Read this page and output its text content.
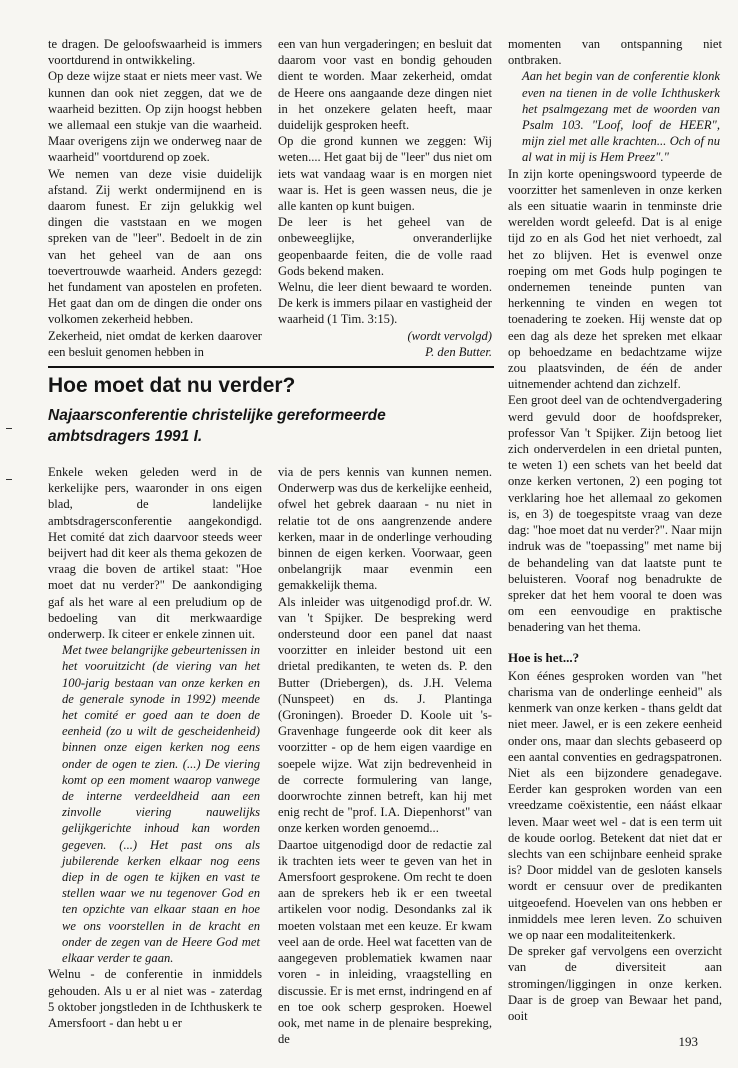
te dragen. De geloofswaarheid is immers voortdurend in ontwikkeling.

Op deze wijze staat er niets meer vast. We kunnen dan ook niet zeggen, dat we de waarheid bezitten. Op zijn hoogst hebben we allemaal een stukje van die waarheid. Maar overigens zijn we onderweg naar de waarheid" voortdurend op zoek.

We nemen van deze visie duidelijk afstand. Zij werkt ondermijnend en is daarom funest. Er zijn gelukkig wel dingen die vaststaan en we mogen spreken van de "leer". Bedoelt in de zin van het geheel van de aan ons toevertrouwde waarheid. Anders gezegd: het fundament van apostelen en profeten. Het gaat dan om de dingen die onder ons volkomen zekerheid hebben.

Zekerheid, niet omdat de kerken daarover een besluit genomen hebben in

een van hun vergaderingen; en besluit dat daarom voor vast en bondig gehouden dient te worden. Maar zekerheid, omdat de Heere ons aangaande deze dingen niet in het onzekere gelaten heeft, maar duidelijk gesproken heeft.

Op die grond kunnen we zeggen: Wij weten.... Het gaat bij de "leer" dus niet om iets wat vandaag waar is en morgen niet waar is. Het is geen wassen neus, die je alle kanten op kunt buigen.

De leer is het geheel van de onbeweeglijke, onveranderlijke geopenbaarde feiten, die de volle raad Gods bekend maken.

Welnu, die leer dient bewaard te worden. De kerk is immers pilaar en vastigheid der waarheid (1 Tim. 3:15).

(wordt vervolgd)

P. den Butter.

momenten van ontspanning niet ontbraken.

Aan het begin van de conferentie klonk even na tienen in de volle Ichthuskerk het psalmgezang met de woorden van Psalm 103. "Loof, loof de HEER", mijn ziel met alle krachten... Och of nu al wat in mij is Hem Preez"."

In zijn korte openingswoord typeerde de voorzitter het samenleven in onze kerken als een situatie waarin in tenminste drie werelden wordt geleefd. Dat is al enige tijd zo en als God het niet verhoedt, zal het zo blijven. Het is evenwel onze roeping om met Gods hulp pogingen te ondernemen teneinde punten van herkenning te vinden en wegen tot toenadering te zoeken. Hij wenste dat op een dag als deze het spreken met elkaar op behoedzame en bedachtzame wijze zou plaatsvinden, de één de ander uitnemender achtend dan zichzelf.

Een groot deel van de ochtendvergadering werd gevuld door de hoofdspreker, professor Van 't Spijker. Zijn betoog liet zich onderverdelen in een drietal punten, te weten 1) een schets van het beeld dat onze kerken vertonen, 2) een poging tot verklaring hoe het allemaal zo gekomen is, en 3) de toegespitste vraag van deze dag: "hoe moet dat nu verder?". Naar mijn indruk was de "toepassing" met name bij de behandeling van dat laatste punt te beluisteren. Vooraf nog benadrukte de spreker dat het hem vooral te doen was om een eenvoudige en praktische benadering van het thema.

Hoe is het...?

Kon éénes gesproken worden van "het charisma van de onderlinge eenheid" als kenmerk van onze kerken - thans geldt dat niet meer. Jawel, er is een zekere eenheid onder ons, maar dan slechts gebaseerd op een aantal conventies en gedragspatronen. Niet als een bijzondere genadegave. Eerder kan gesproken worden van een vreedzame coëxistentie, een náást elkaar leven. Maar weet wel - dat is een term uit de koude oorlog. Betekent dat niet dat er slechts van een schijnbare eenheid sprake is? Door middel van de gesloten kansels wordt er censuur over de predikanten uitgeoefend. Hoevelen van ons hebben er inmiddels mee leren leven. Zo schuiven we op naar een modaliteitenkerk.

De spreker gaf vervolgens een overzicht van de diversiteit aan stromingen/liggingen in onze kerken. Daar is de groep van Bewaar het pand, ooit

Hoe moet dat nu verder?
Najaarsconferentie christelijke gereformeerde ambtsdragers 1991 I.

Enkele weken geleden werd in de kerkelijke pers, waaronder in ons eigen blad, de landelijke ambtsdragersconferentie aangekondigd. Het comité dat zich daarvoor steeds weer beijvert had dit keer als thema gekozen de vraag die boven de artikel staat: "Hoe moet dat nu verder?" De aankondiging gaf als het ware al een preludium op de bedoeling van dit merkwaardige onderwerp. Ik citeer er enkele zinnen uit.

Met twee belangrijke gebeurtenissen in het vooruitzicht (de viering van het 100-jarig bestaan van onze kerken en de generale synode in 1992) meende het comité er goed aan te doen de eenheid (zo u wilt de gescheidenheid) binnen onze eigen kerken nog eens onder de ogen te zien. (...) De viering komt op een moment waarop vanwege de interne verdeeldheid aan een zinvolle viering nauwelijks gelijkgerichte inhoud kan worden gegeven. (...) Het past ons als jubilerende kerken elkaar nog eens diep in de ogen te kijken en vast te stellen waar we nu tegenover God en ten opzichte van elkaar staan en hoe we ons voorstellen in de kracht en onder de zegen van de Heere God met elkaar verder te gaan.

Welnu - de conferentie in inmiddels gehouden. Als u er al niet was - zaterdag 5 oktober jongstleden in de Ichthuskerk te Amersfoort - dan hebt u er

via de pers kennis van kunnen nemen. Onderwerp was dus de kerkelijke eenheid, ofwel het gebrek daaraan - nu niet in relatie tot de ons aangrenzende andere kerken, maar in de onderlinge verhouding binnen de eigen kerken. Voorwaar, geen onbelangrijk maar evenmin een gemakkelijk thema.

Als inleider was uitgenodigd prof.dr. W. van 't Spijker. De bespreking werd ondersteund door een panel dat naast voorzitter en inleider bestond uit een drietal predikanten, te weten ds. P. den Butter (Driebergen), ds. J.H. Velema (Nunspeet) en ds. J. Plantinga (Groningen). Broeder D. Koole uit 's-Gravenhage fungeerde ook dit keer als voorzitter - op de hem eigen vaardige en soepele wijze. Wat zijn bedrevenheid in de correcte formulering van lange, doorwrochte zinnen betreft, kan hij met enig recht de "prof. I.A. Diepenhorst" van onze kerken worden genoemd...

Daartoe uitgenodigd door de redactie zal ik trachten iets weer te geven van het in Amersfoort gesprokene. Om recht te doen aan de sprekers heb ik er een tweetal artikelen voor nodig. Desondanks zal ik moeten volstaan met een keuze. Er kwam veel aan de orde. Heel wat facetten van de aangegeven problematiek kwamen naar voren - in inleiding, vraagstelling en discussie. Er is met ernst, indringend en af en toe ook scherp gesproken. Hoewel ook, met name in de plenaire bespreking, de	193
